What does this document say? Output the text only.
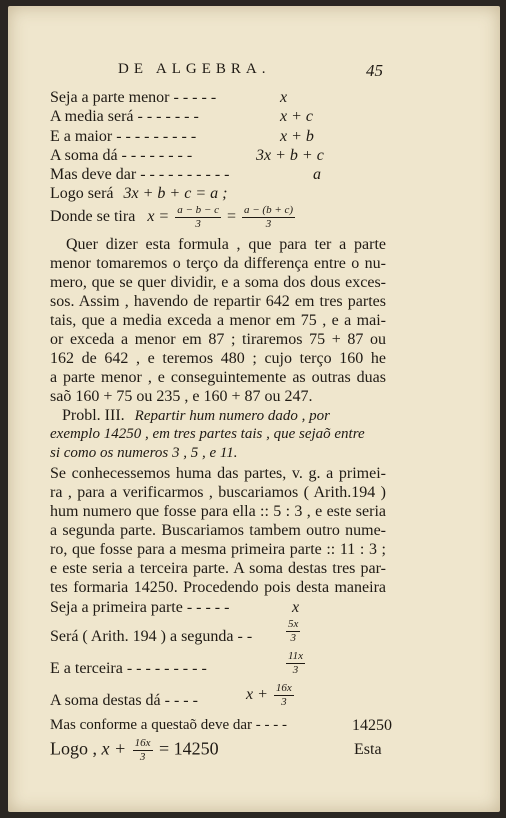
DE ALGEBRA.	45
Seja a parte menor - - - - -	x
A media será - - - - - - -	x + c
E a maior - - - - - - - - -	x + b
A soma dá - - - - - - - -	3x + b + c
Mas deve dar - - - - - - - - - -	a
Logo será 3x + b + c = a ;
Donde se tira $x = \frac{a - b - c}{3} = \frac{a - (b + c)}{3}$
Quer dizer esta formula , que para ter a parte
menor tomaremos o terço da differença entre o nu-
mero, que se quer dividir, e a soma dos dous exces-
sos. Assim , havendo de repartir 642 em tres partes
tais, que a media exceda a menor em 75 , e a mai-
or exceda a menor em 87 ; tiraremos 75 + 87 ou
162 de 642 , e teremos 480 ; cujo terço 160 he
a parte menor , e conseguintemente as outras duas
saõ 160 + 75 ou 235 , e 160 + 87 ou 247.
Probl. III. Repartir hum numero dado , por
exemplo 14250 , em tres partes tais , que sejaõ entre
si como os numeros 3 , 5 , e 11.
Se conhecessemos huma das partes, v. g. a primei-
ra , para a verificarmos , buscariamos ( Arith.194 )
hum numero que fosse para ella :: 5 : 3 , e este seria
a segunda parte. Buscariamos tambem outro nume-
ro, que fosse para a mesma primeira parte :: 11 : 3 ;
e este seria a terceira parte. A soma destas tres par-
tes formaria 14250. Procedendo pois desta maneira
Seja a primeira parte - - - - -	x
Será ( Arith. 194 ) a segunda - -	$\frac{5x}{3}$
E a terceira - - - - - - - - -	$\frac{11x}{3}$
A soma destas dá - - - -	$x + \frac{16x}{3}$
Mas conforme a questaõ deve dar - - - -	14250
Logo , $x + \frac{16x}{3} = 14250$	Esta
